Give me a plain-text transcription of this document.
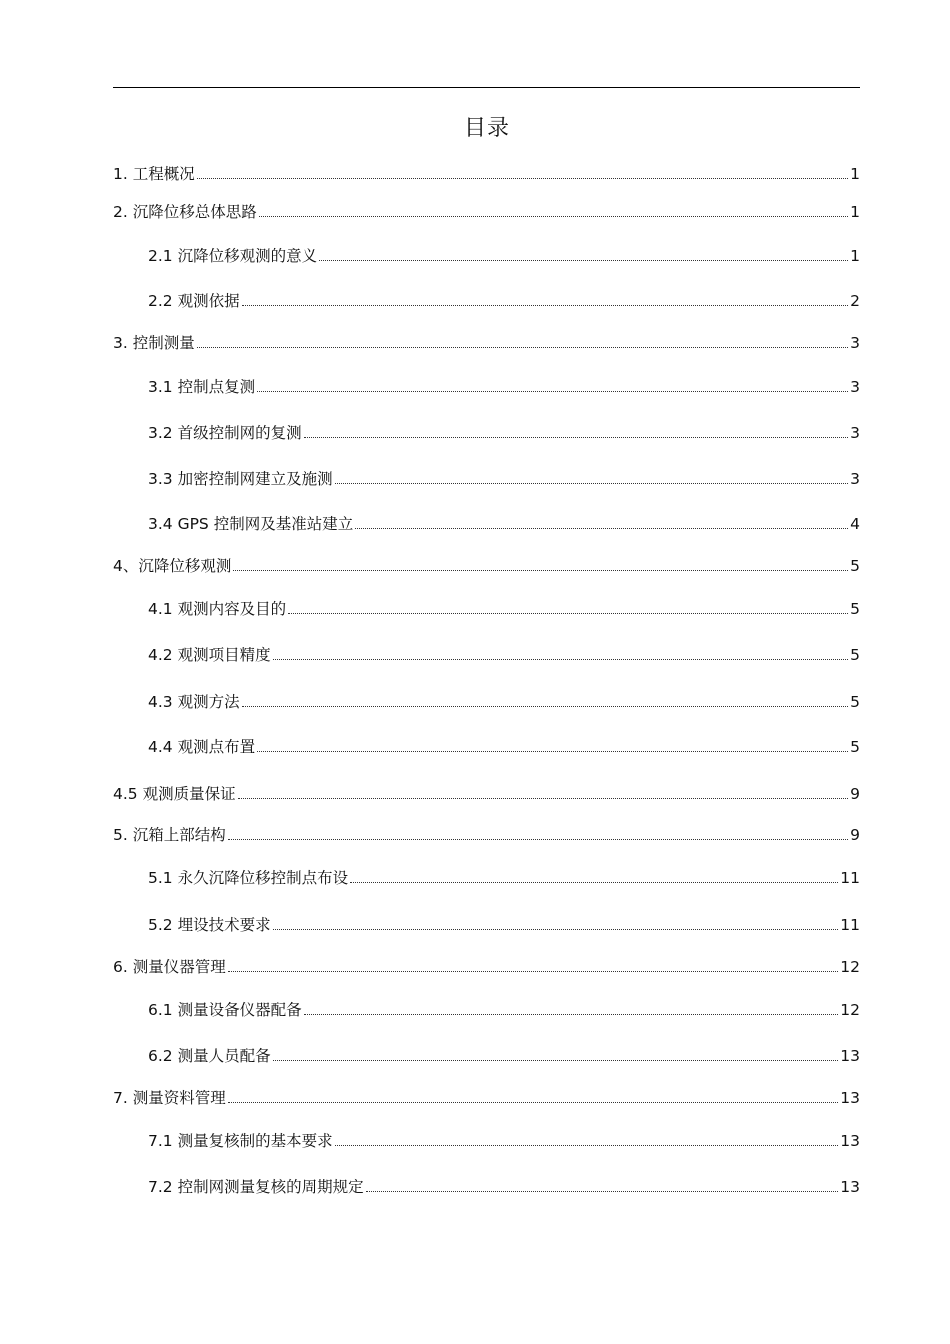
目录
1. 工程概况	1
2. 沉降位移总体思路	1
2.1 沉降位移观测的意义	1
2.2 观测依据	2
3. 控制测量	3
3.1 控制点复测	3
3.2 首级控制网的复测	3
3.3 加密控制网建立及施测	3
3.4 GPS 控制网及基准站建立	4
4、沉降位移观测	5
4.1 观测内容及目的	5
4.2 观测项目精度	5
4.3 观测方法	5
4.4 观测点布置	5
4.5 观测质量保证	9
5. 沉箱上部结构	9
5.1 永久沉降位移控制点布设	11
5.2 埋设技术要求	11
6. 测量仪器管理	12
6.1 测量设备仪器配备	12
6.2 测量人员配备	13
7. 测量资料管理	13
7.1 测量复核制的基本要求	13
7.2 控制网测量复核的周期规定	13
